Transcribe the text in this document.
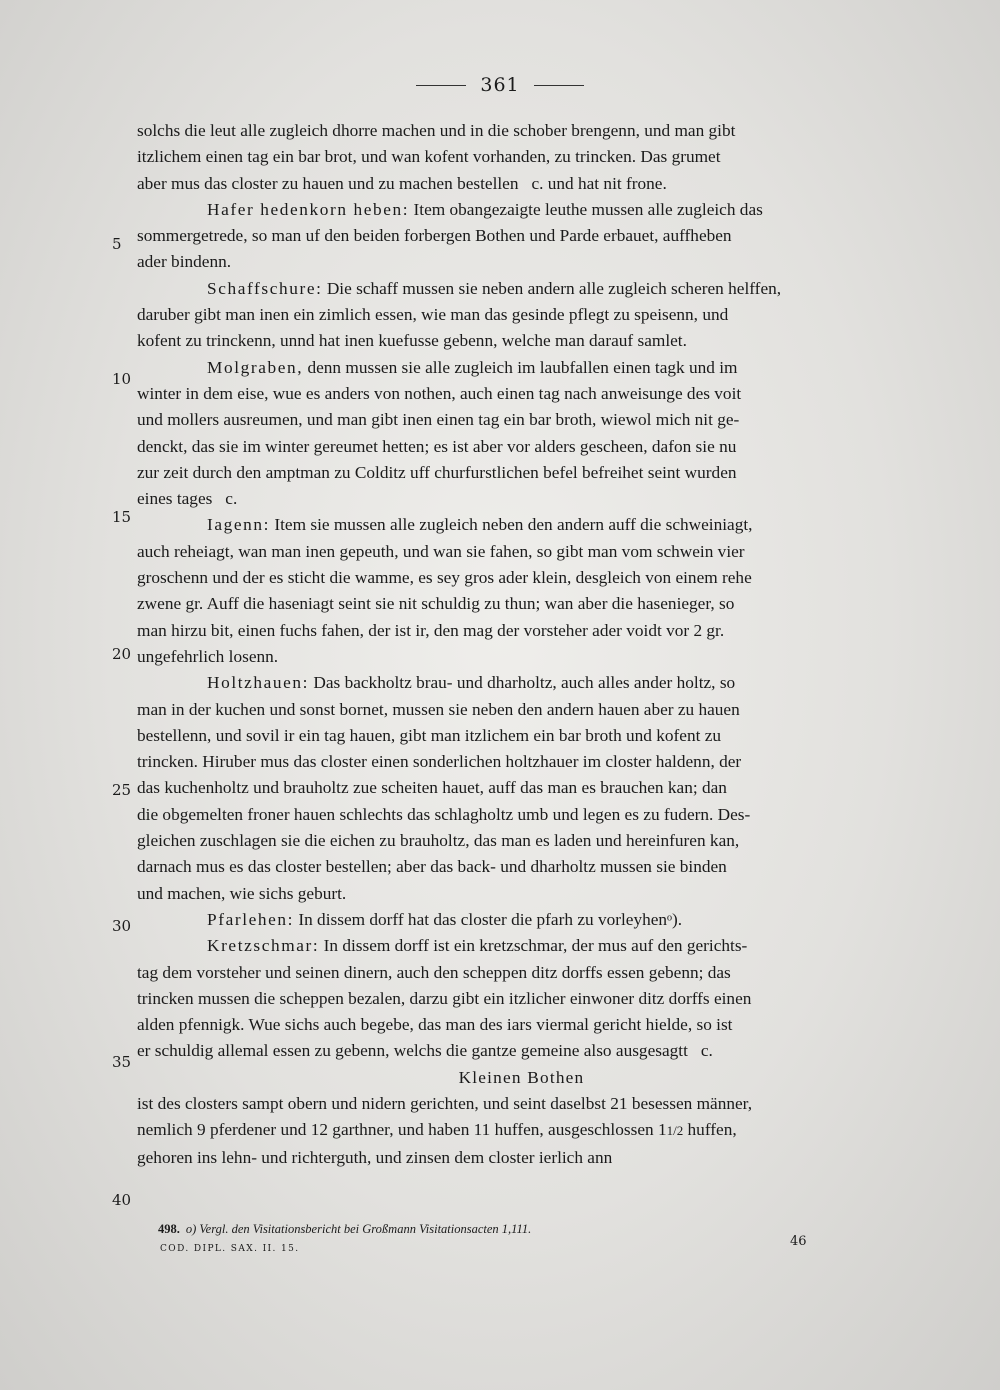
361
5
10
15
20
25
30
35
40

solchs die leut alle zugleich dhorre machen und in die schober brengenn, und man gibt
itzlichem einen tag ein bar brot, und wan kofent vorhanden, zu trincken. Das grumet
aber mus das closter zu hauen und zu machen bestellen  c. und hat nit frone.

Hafer hedenkorn heben: Item obangezaigte leuthe mussen alle zugleich das
sommergetrede, so man uf den beiden forbergen Bothen und Parde erbauet, auffheben
ader bindenn.

Schaffschure: Die schaff mussen sie neben andern alle zugleich scheren helffen,
daruber gibt man inen ein zimlich essen, wie man das gesinde pflegt zu speisenn, und
kofent zu trinckenn, unnd hat inen kuefusse gebenn, welche man darauf samlet.

Molgraben, denn mussen sie alle zugleich im laubfallen einen tagk und im
winter in dem eise, wue es anders von nothen, auch einen tag nach anweisunge des voit
und mollers ausreumen, und man gibt inen einen tag ein bar broth, wiewol mich nit ge-
denckt, das sie im winter gereumet hetten; es ist aber vor alders gescheen, dafon sie nu
zur zeit durch den amptman zu Colditz uff churfurstlichen befel befreihet seint wurden
eines tages  c.

Iagenn: Item sie mussen alle zugleich neben den andern auff die schweiniagt,
auch reheiagt, wan man inen gepeuth, und wan sie fahen, so gibt man vom schwein vier
groschenn und der es sticht die wamme, es sey gros ader klein, desgleich von einem rehe
zwene gr. Auff die haseniagt seint sie nit schuldig zu thun; wan aber die hasenieger, so
man hirzu bit, einen fuchs fahen, der ist ir, den mag der vorsteher ader voidt vor 2 gr.
ungefehrlich losenn.

Holtzhauen: Das backholtz brau- und dharholtz, auch alles ander holtz, so
man in der kuchen und sonst bornet, mussen sie neben den andern hauen aber zu hauen
bestellenn, und sovil ir ein tag hauen, gibt man itzlichem ein bar broth und kofent zu
trincken. Hiruber mus das closter einen sonderlichen holtzhauer im closter haldenn, der
das kuchenholtz und brauholtz zue scheiten hauet, auff das man es brauchen kan; dan
die obgemelten froner hauen schlechts das schlagholtz umb und legen es zu fudern. Des-
gleichen zuschlagen sie die eichen zu brauholtz, das man es laden und hereinfuren kan,
darnach mus es das closter bestellen; aber das back- und dharholtz mussen sie binden
und machen, wie sichs geburt.

Pfarlehen: In dissem dorff hat das closter die pfarh zu vorleyhenᵒ).

Kretzschmar: In dissem dorff ist ein kretzschmar, der mus auf den gerichts-
tag dem vorsteher und seinen dinern, auch den scheppen ditz dorffs essen gebenn; das
trincken mussen die scheppen bezalen, darzu gibt ein itzlicher einwoner ditz dorffs einen
alden pfennigk. Wue sichs auch begebe, das man des iars viermal gericht hielde, so ist
er schuldig allemal essen zu gebenn, welchs die gantze gemeine also ausgesagtt  c.

Kleinen Bothen

ist des closters sampt obern und nidern gerichten, und seint daselbst 21 besessen männer,
nemlich 9 pferdener und 12 garthner, und haben 11 huffen, ausgeschlossen 11/2 huffen,
gehoren ins lehn- und richterguth, und zinsen dem closter ierlich ann

498. o) Vergl. den Visitationsbericht bei Großmann Visitationsacten 1,111.
COD. DIPL. SAX. II. 15.	46
